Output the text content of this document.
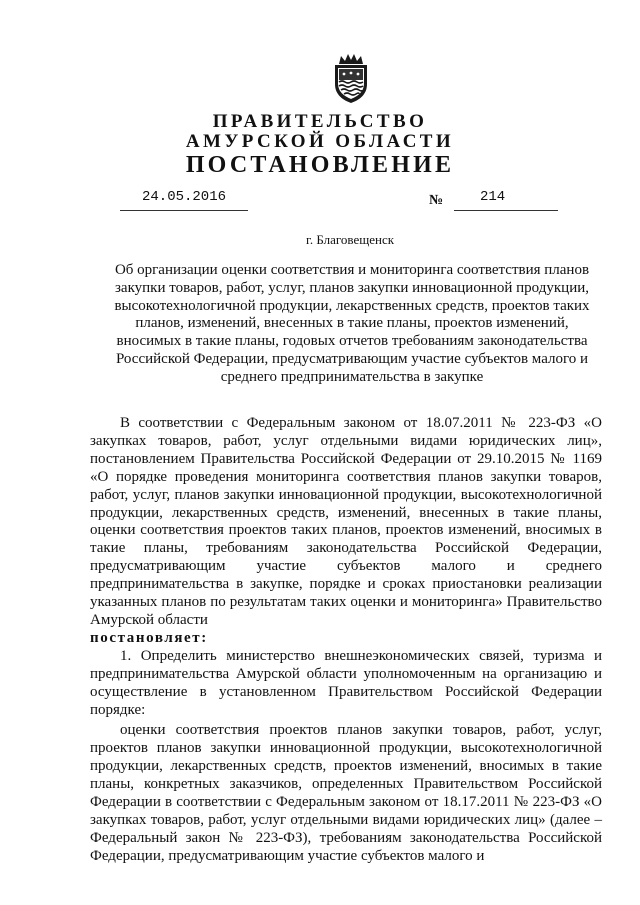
ПРАВИТЕЛЬСТВО
АМУРСКОЙ ОБЛАСТИ
ПОСТАНОВЛЕНИЕ
24.05.2016	№	214
г. Благовещенск
Об организации оценки соответствия и мониторинга соответствия планов закупки товаров, работ, услуг, планов закупки инновационной продукции, высокотехнологичной продукции, лекарственных средств, проектов таких планов, изменений, внесенных в такие планы, проектов изменений, вносимых в такие планы, годовых отчетов требованиям законодательства Российской Федерации, предусматривающим участие субъектов малого и среднего предпринимательства в закупке

В соответствии с Федеральным законом от 18.07.2011 № 223-ФЗ «О закупках товаров, работ, услуг отдельными видами юридических лиц», постановлением Правительства Российской Федерации от 29.10.2015 № 1169 «О порядке проведения мониторинга соответствия планов закупки товаров, работ, услуг, планов закупки инновационной продукции, высокотехнологичной продукции, лекарственных средств, изменений, внесенных в такие планы, оценки соответствия проектов таких планов, проектов изменений, вносимых в такие планы, требованиям законодательства Российской Федерации, предусматривающим участие субъектов малого и среднего предпринимательства в закупке, порядке и сроках приостановки реализации указанных планов по результатам таких оценки и мониторинга» Правительство Амурской области

постановляет:

1. Определить министерство внешнеэкономических связей, туризма и предпринимательства Амурской области уполномоченным на организацию и осуществление в установленном Правительством Российской Федерации порядке:

оценки соответствия проектов планов закупки товаров, работ, услуг, проектов планов закупки инновационной продукции, высокотехнологичной продукции, лекарственных средств, проектов изменений, вносимых в такие планы, конкретных заказчиков, определенных Правительством Российской Федерации в соответствии с Федеральным законом от 18.17.2011 № 223-ФЗ «О закупках товаров, работ, услуг отдельными видами юридических лиц» (далее – Федеральный закон № 223-ФЗ), требованиям законодательства Российской Федерации, предусматривающим участие субъектов малого и
